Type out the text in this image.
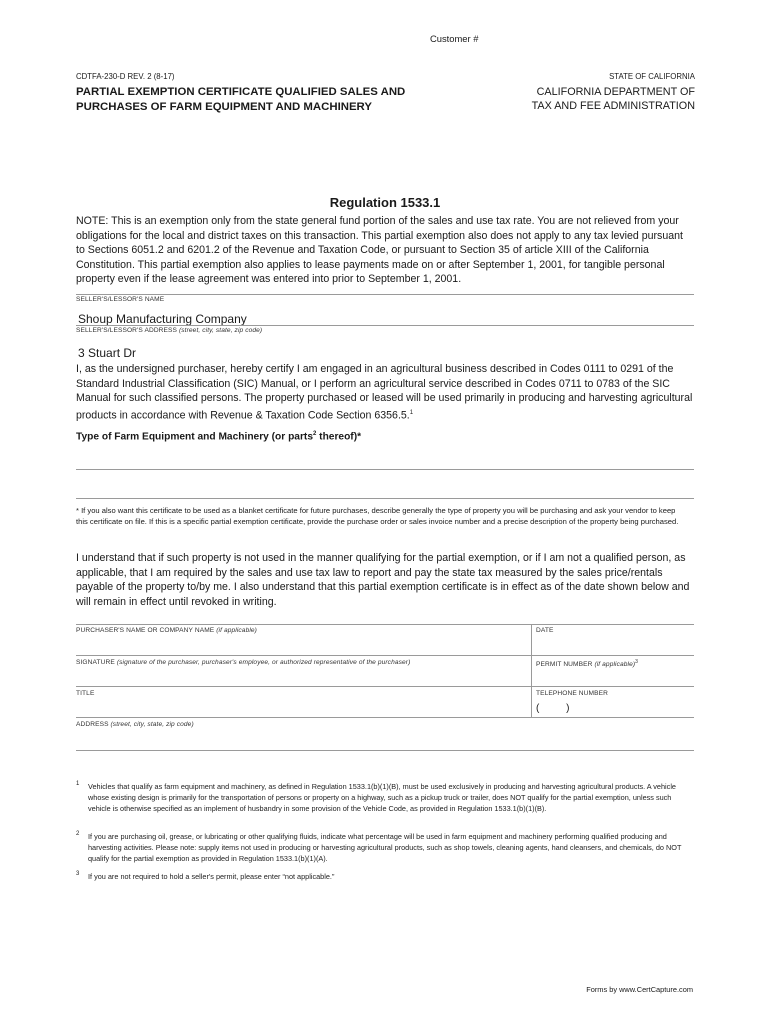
Customer #
CDTFA-230-D REV. 2 (8-17)	STATE OF CALIFORNIA
PARTIAL EXEMPTION CERTIFICATE QUALIFIED SALES AND
PURCHASES OF FARM EQUIPMENT AND MACHINERY
CALIFORNIA DEPARTMENT OF
TAX AND FEE ADMINISTRATION
Regulation 1533.1
NOTE: This is an exemption only from the state general fund portion of the sales and use tax rate. You are not relieved from your obligations for the local and district taxes on this transaction. This partial exemption also does not apply to any tax levied pursuant to Sections 6051.2 and 6201.2 of the Revenue and Taxation Code, or pursuant to Section 35 of article XIII of the California Constitution. This partial exemption also applies to lease payments made on or after September 1, 2001, for tangible personal property even if the lease agreement was entered into prior to September 1, 2001.
SELLER'S/LESSOR'S NAME
Shoup Manufacturing Company
SELLER'S/LESSOR'S ADDRESS (street, city, state, zip code)
3 Stuart Dr
I, as the undersigned purchaser, hereby certify I am engaged in an agricultural business described in Codes 0111 to 0291 of the Standard Industrial Classification (SIC) Manual, or I perform an agricultural service described in Codes 0711 to 0783 of the SIC Manual for such classified persons. The property purchased or leased will be used primarily in producing and harvesting agricultural products in accordance with Revenue & Taxation Code Section 6356.5.$^1$
Type of Farm Equipment and Machinery (or parts$^2$ thereof)*
* If you also want this certificate to be used as a blanket certificate for future purchases, describe generally the type of property you will be purchasing and ask your vendor to keep this certificate on file. If this is a specific partial exemption certificate, provide the purchase order or sales invoice number and a precise description of the property being purchased.
I understand that if such property is not used in the manner qualifying for the partial exemption, or if I am not a qualified person, as applicable, that I am required by the sales and use tax law to report and pay the state tax measured by the sales price/rentals payable of the property to/by me. I also understand that this partial exemption certificate is in effect as of the date shown below and will remain in effect until revoked in writing.
PURCHASER'S NAME OR COMPANY NAME (if applicable)	DATE
SIGNATURE (signature of the purchaser, purchaser's employee, or authorized representative of the purchaser)	PERMIT NUMBER (if applicable)$^3$
TITLE	TELEPHONE NUMBER
(	)
ADDRESS (street, city, state, zip code)
1 Vehicles that qualify as farm equipment and machinery, as defined in Regulation 1533.1(b)(1)(B), must be used exclusively in producing and harvesting agricultural products. A vehicle whose existing design is primarily for the transportation of persons or property on a highway, such as a pickup truck or trailer, does NOT qualify for the partial exemption, unless such vehicle is otherwise specified as an implement of husbandry in some provision of the Vehicle Code, as provided in Regulation 1533.1(b)(1)(B).
2 If you are purchasing oil, grease, or lubricating or other qualifying fluids, indicate what percentage will be used in farm equipment and machinery performing qualified producing and harvesting activities. Please note: supply items not used in producing or harvesting agricultural products, such as shop towels, cleaning agents, hand cleansers, and chemicals, do NOT qualify for the partial exemption as provided in Regulation 1533.1(b)(1)(A).
3 If you are not required to hold a seller's permit, please enter “not applicable.”
Forms by www.CertCapture.com
